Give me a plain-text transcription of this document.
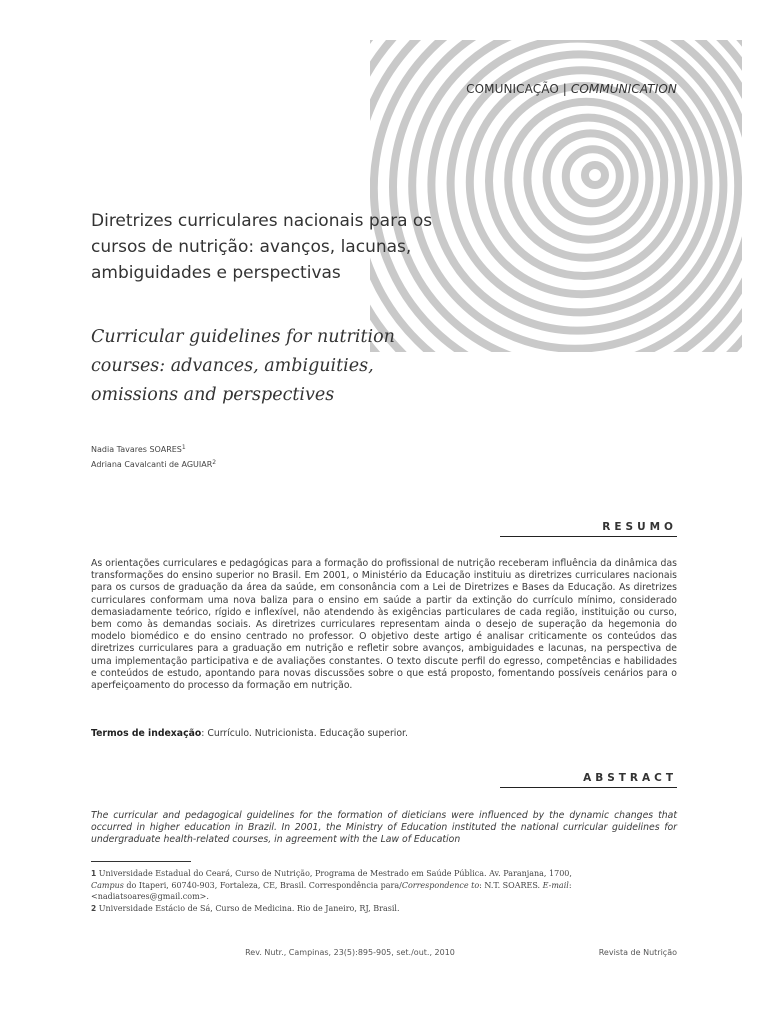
COMUNICAÇÃO | COMMUNICATION
Diretrizes curriculares nacionais para os
cursos de nutrição: avanços, lacunas,
ambiguidades e perspectivas
Curricular guidelines for nutrition
courses: advances, ambiguities,
omissions and perspectives
Nadia Tavares SOARES$^1$
Adriana Cavalcanti de AGUIAR$^2$
RESUMO
As orientações curriculares e pedagógicas para a formação do profissional de nutrição receberam influência da dinâmica das transformações do ensino superior no Brasil. Em 2001, o Ministério da Educação instituiu as diretrizes curriculares nacionais para os cursos de graduação da área da saúde, em consonância com a Lei de Diretrizes e Bases da Educação. As diretrizes curriculares conformam uma nova baliza para o ensino em saúde a partir da extinção do currículo mínimo, considerado demasiadamente teórico, rígido e inflexível, não atendendo às exigências particulares de cada região, instituição ou curso, bem como às demandas sociais. As diretrizes curriculares representam ainda o desejo de superação da hegemonia do modelo biomédico e do ensino centrado no professor. O objetivo deste artigo é analisar criticamente os conteúdos das diretrizes curriculares para a graduação em nutrição e refletir sobre avanços, ambiguidades e lacunas, na perspectiva de uma implementação participativa e de avaliações constantes. O texto discute perfil do egresso, competências e habilidades e conteúdos de estudo, apontando para novas discussões sobre o que está proposto, fomentando possíveis cenários para o aperfeiçoamento do processo da formação em nutrição.
Termos de indexação: Currículo. Nutricionista. Educação superior.
ABSTRACT
The curricular and pedagogical guidelines for the formation of dieticians were influenced by the dynamic changes that occurred in higher education in Brazil. In 2001, the Ministry of Education instituted the national curricular guidelines for undergraduate health-related courses, in agreement with the Law of Education
1 Universidade Estadual do Ceará, Curso de Nutrição, Programa de Mestrado em Saúde Pública. Av. Paranjana, 1700,
Campus do Itaperi, 60740-903, Fortaleza, CE, Brasil. Correspondência para/Correspondence to: N.T. SOARES. E-mail:
<nadiatsoares@gmail.com>.
2 Universidade Estácio de Sá, Curso de Medicina. Rio de Janeiro, RJ, Brasil.
Rev. Nutr., Campinas, 23(5):895-905, set./out., 2010	Revista de Nutrição
